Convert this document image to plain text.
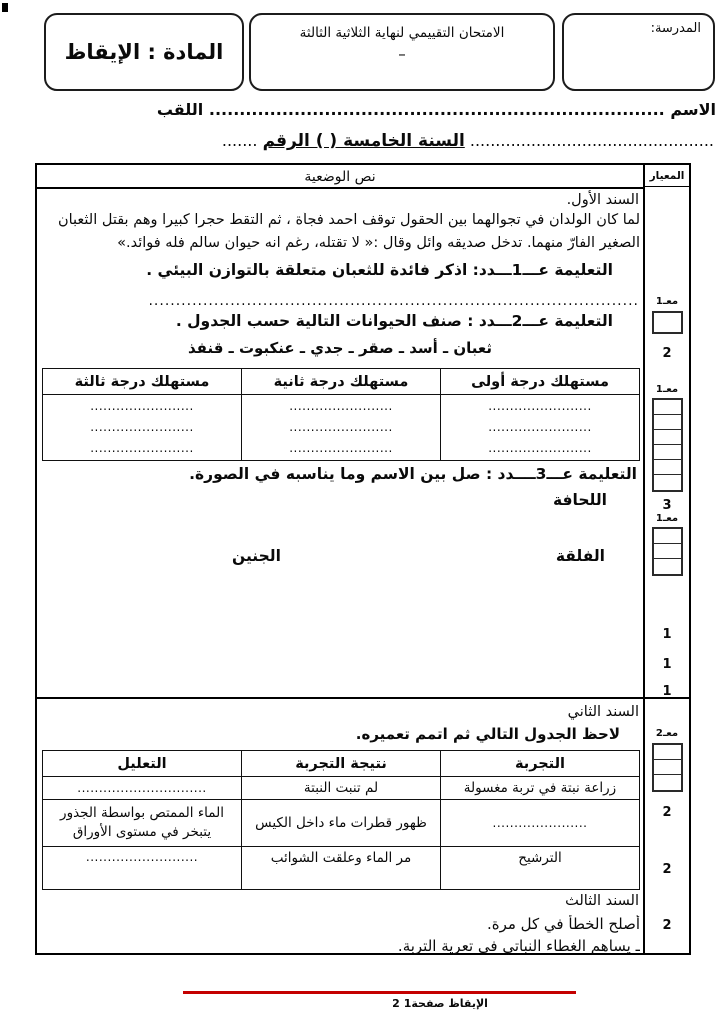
المدرسة:
الامتحان التقييمي لنهاية الثلاثية الثالثة
–
المادة : الإيقاظ
الاسم ........................................................................... اللقب
................................................ السنة الخامسة ( ) الرقم .......
نص الوضعية
السند الأول.
لما كان الولدان في تجوالهما بين الحقول توقف احمد فجأة ، ثم التقط حجرا كبيرا وهم بقتل الثعبان
الصغير الفارّ منهما. تدخل صديقه وائل وقال :« لا تقتله، رغم انه حيوان سالم فله فوائد.»
التعليمة عـــ1ـــدد: اذكر فائدة للثعبان متعلقة بالتوازن البيئي .
..........................................................................................
التعليمة عـــ2ـــدد : صنف الحيوانات التالية حسب الجدول .
ثعبان ـ أسد ـ صقر ـ جدي ـ عنكبوت ـ قنفذ
مستهلك درجة أولى	مستهلك درجة ثانية	مستهلك درجة ثالثة

........................
........................
........................

........................
........................
........................

........................
........................
........................
التعليمة عـــ3ــــدد : صل بين الاسم وما يناسبه في الصورة.
اللحافة
الفلقة
الجنين
السند الثاني
لاحظ الجدول التالي ثم اتمم تعميره.
التجربة	نتيجة التجربة	التعليل
زراعة نبتة في تربة مغسولة	لم تنبت النبتة	..............................
......................	ظهور قطرات ماء داخل الكيس	الماء الممتص بواسطة الجذور يتبخر في مستوى الأوراق
الترشيح	مر الماء وعلقت الشوائب	..........................
السند الثالث
أصلح الخطأ في كل مرة.
ـ يساهم الغطاء النباتي في تعرية التربة.
المعيار
معـ1
2
معـ1
3
معـ1
1
1
1
معـ2
2
2
2
2 الإيقاظ صفحة1
